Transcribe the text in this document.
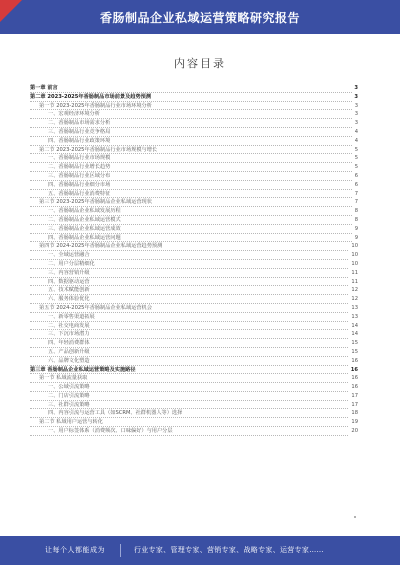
香肠制品企业私域运营策略研究报告
内容目录
第一章 前言	3
第二章 2023-2025年香肠制品市场前景及趋势预测	3
第一节 2023-2025年香肠制品行业市场环境分析	3
一、宏观经济环境分析	3
二、香肠制品市场需求分析	3
三、香肠制品行业竞争格局	4
四、香肠制品行业政策环境	4
第二节 2023-2025年香肠制品行业市场规模与增长	5
一、香肠制品行业市场规模	5
二、香肠制品行业增长趋势	5
三、香肠制品行业区域分布	6
四、香肠制品行业细分市场	6
五、香肠制品行业消费特征	7
第三节 2023-2025年香肠制品企业私域运营现状	7
一、香肠制品企业私域发展历程	8
二、香肠制品企业私域运营模式	8
三、香肠制品企业私域运营成效	9
四、香肠制品企业私域运营问题	9
第四节 2024-2025年香肠制品企业私域运营趋势预测	10
一、全域运营融合	10
二、用户分层精细化	10
三、内容营销升级	11
四、数据驱动运营	11
五、技术赋能创新	12
六、服务体验优化	12
第五节 2024-2025年香肠制品企业私域运营机会	13
一、新零售渠道拓展	13
二、社交电商发展	14
三、下沉市场潜力	14
四、年轻消费群体	15
五、产品创新升级	15
六、品牌文化塑造	16
第三章 香肠制品企业私域运营策略及实施路径	16
第一节 私域流量获取	16
一、公域引流策略	16
二、门店引流策略	17
三、社群引流策略	17
四、内容引流与运营工具（如SCRM、社群机器人等）选择	18
第二节 私域用户运营与转化	19
一、用户标签体系（消费频次、口味偏好）与用户分层	20
让每个人都能成为	行业专家、管理专家、营销专家、战略专家、运营专家……
